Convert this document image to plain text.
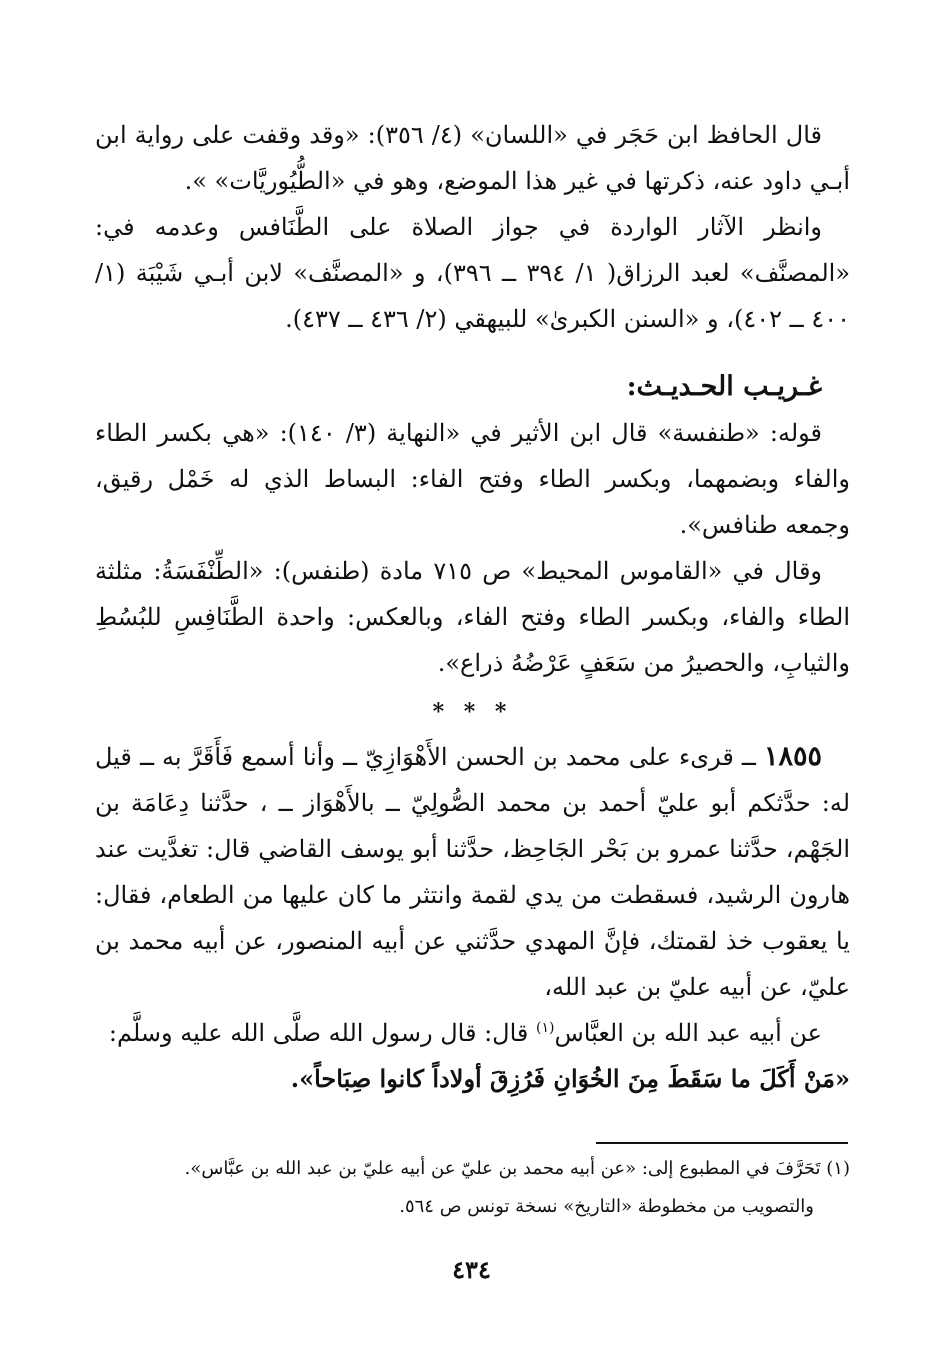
قال الحافظ ابن حَجَر في «اللسان» (٤/ ٣٥٦): «وقد وقفت على رواية ابن أبـي داود عنه، ذكرتها في غير هذا الموضع، وهو في «الطُّيُوريَّات» ».

وانظر الآثار الواردة في جواز الصلاة على الطَّنَافس وعدمه في: «المصنَّف» لعبد الرزاق( ١/ ٣٩٤ ــ ٣٩٦)، و «المصنَّف» لابن أبـي شَيْبَة (١/ ٤٠٠ ــ ٤٠٢)، و «السنن الكبرىٰ» للبيهقي (٢/ ٤٣٦ ــ ٤٣٧).

غـريـب الحـديـث:

قوله: «طنفسة» قال ابن الأثير في «النهاية (٣/ ١٤٠): «هي بكسر الطاء والفاء وبضمهما، وبكسر الطاء وفتح الفاء: البساط الذي له خَمْل رقيق، وجمعه طنافس».

وقال في «القاموس المحيط» ص ٧١٥ مادة (طنفس): «الطِّنْفَسَةُ: مثلثة الطاء والفاء، وبكسر الطاء وفتح الفاء، وبالعكس: واحدة الطَّنَافِسِ للبُسُطِ والثيابِ، والحصيرُ من سَعَفٍ عَرْضُهُ ذراع».

* * *

١٨٥٥ ــ قرىء على محمد بن الحسن الأَهْوَازِيّ ــ وأنا أسمع فَأَقَرَّ به ــ قيل له: حدَّثكم أبو عليّ أحمد بن محمد الصُّولِيّ ــ بالأَهْوَاز ــ ، حدَّثنا دِعَامَة بن الجَهْم، حدَّثنا عمرو بن بَحْر الجَاحِظ، حدَّثنا أبو يوسف القاضي قال: تغدَّيت عند هارون الرشيد، فسقطت من يدي لقمة وانتثر ما كان عليها من الطعام، فقال: يا يعقوب خذ لقمتك، فإنَّ المهدي حدَّثني عن أبيه المنصور، عن أبيه محمد بن عليّ، عن أبيه عليّ بن عبد الله،

عن أبيه عبد الله بن العبَّاس$^{(١)}$ قال: قال رسول الله صلَّى الله عليه وسلَّم:

«مَنْ أَكَلَ ما سَقَطَ مِنَ الخُوَانِ فَرُزِقَ أولاداً كانوا صِبَاحاً».

(١) تَحَرَّفَ في المطبوع إلى: «عن أبيه محمد بن عليّ عن أبيه عليّ بن عبد الله بن عبَّاس».

والتصويب من مخطوطة «التاريخ» نسخة تونس ص ٥٦٤.

٤٣٤
